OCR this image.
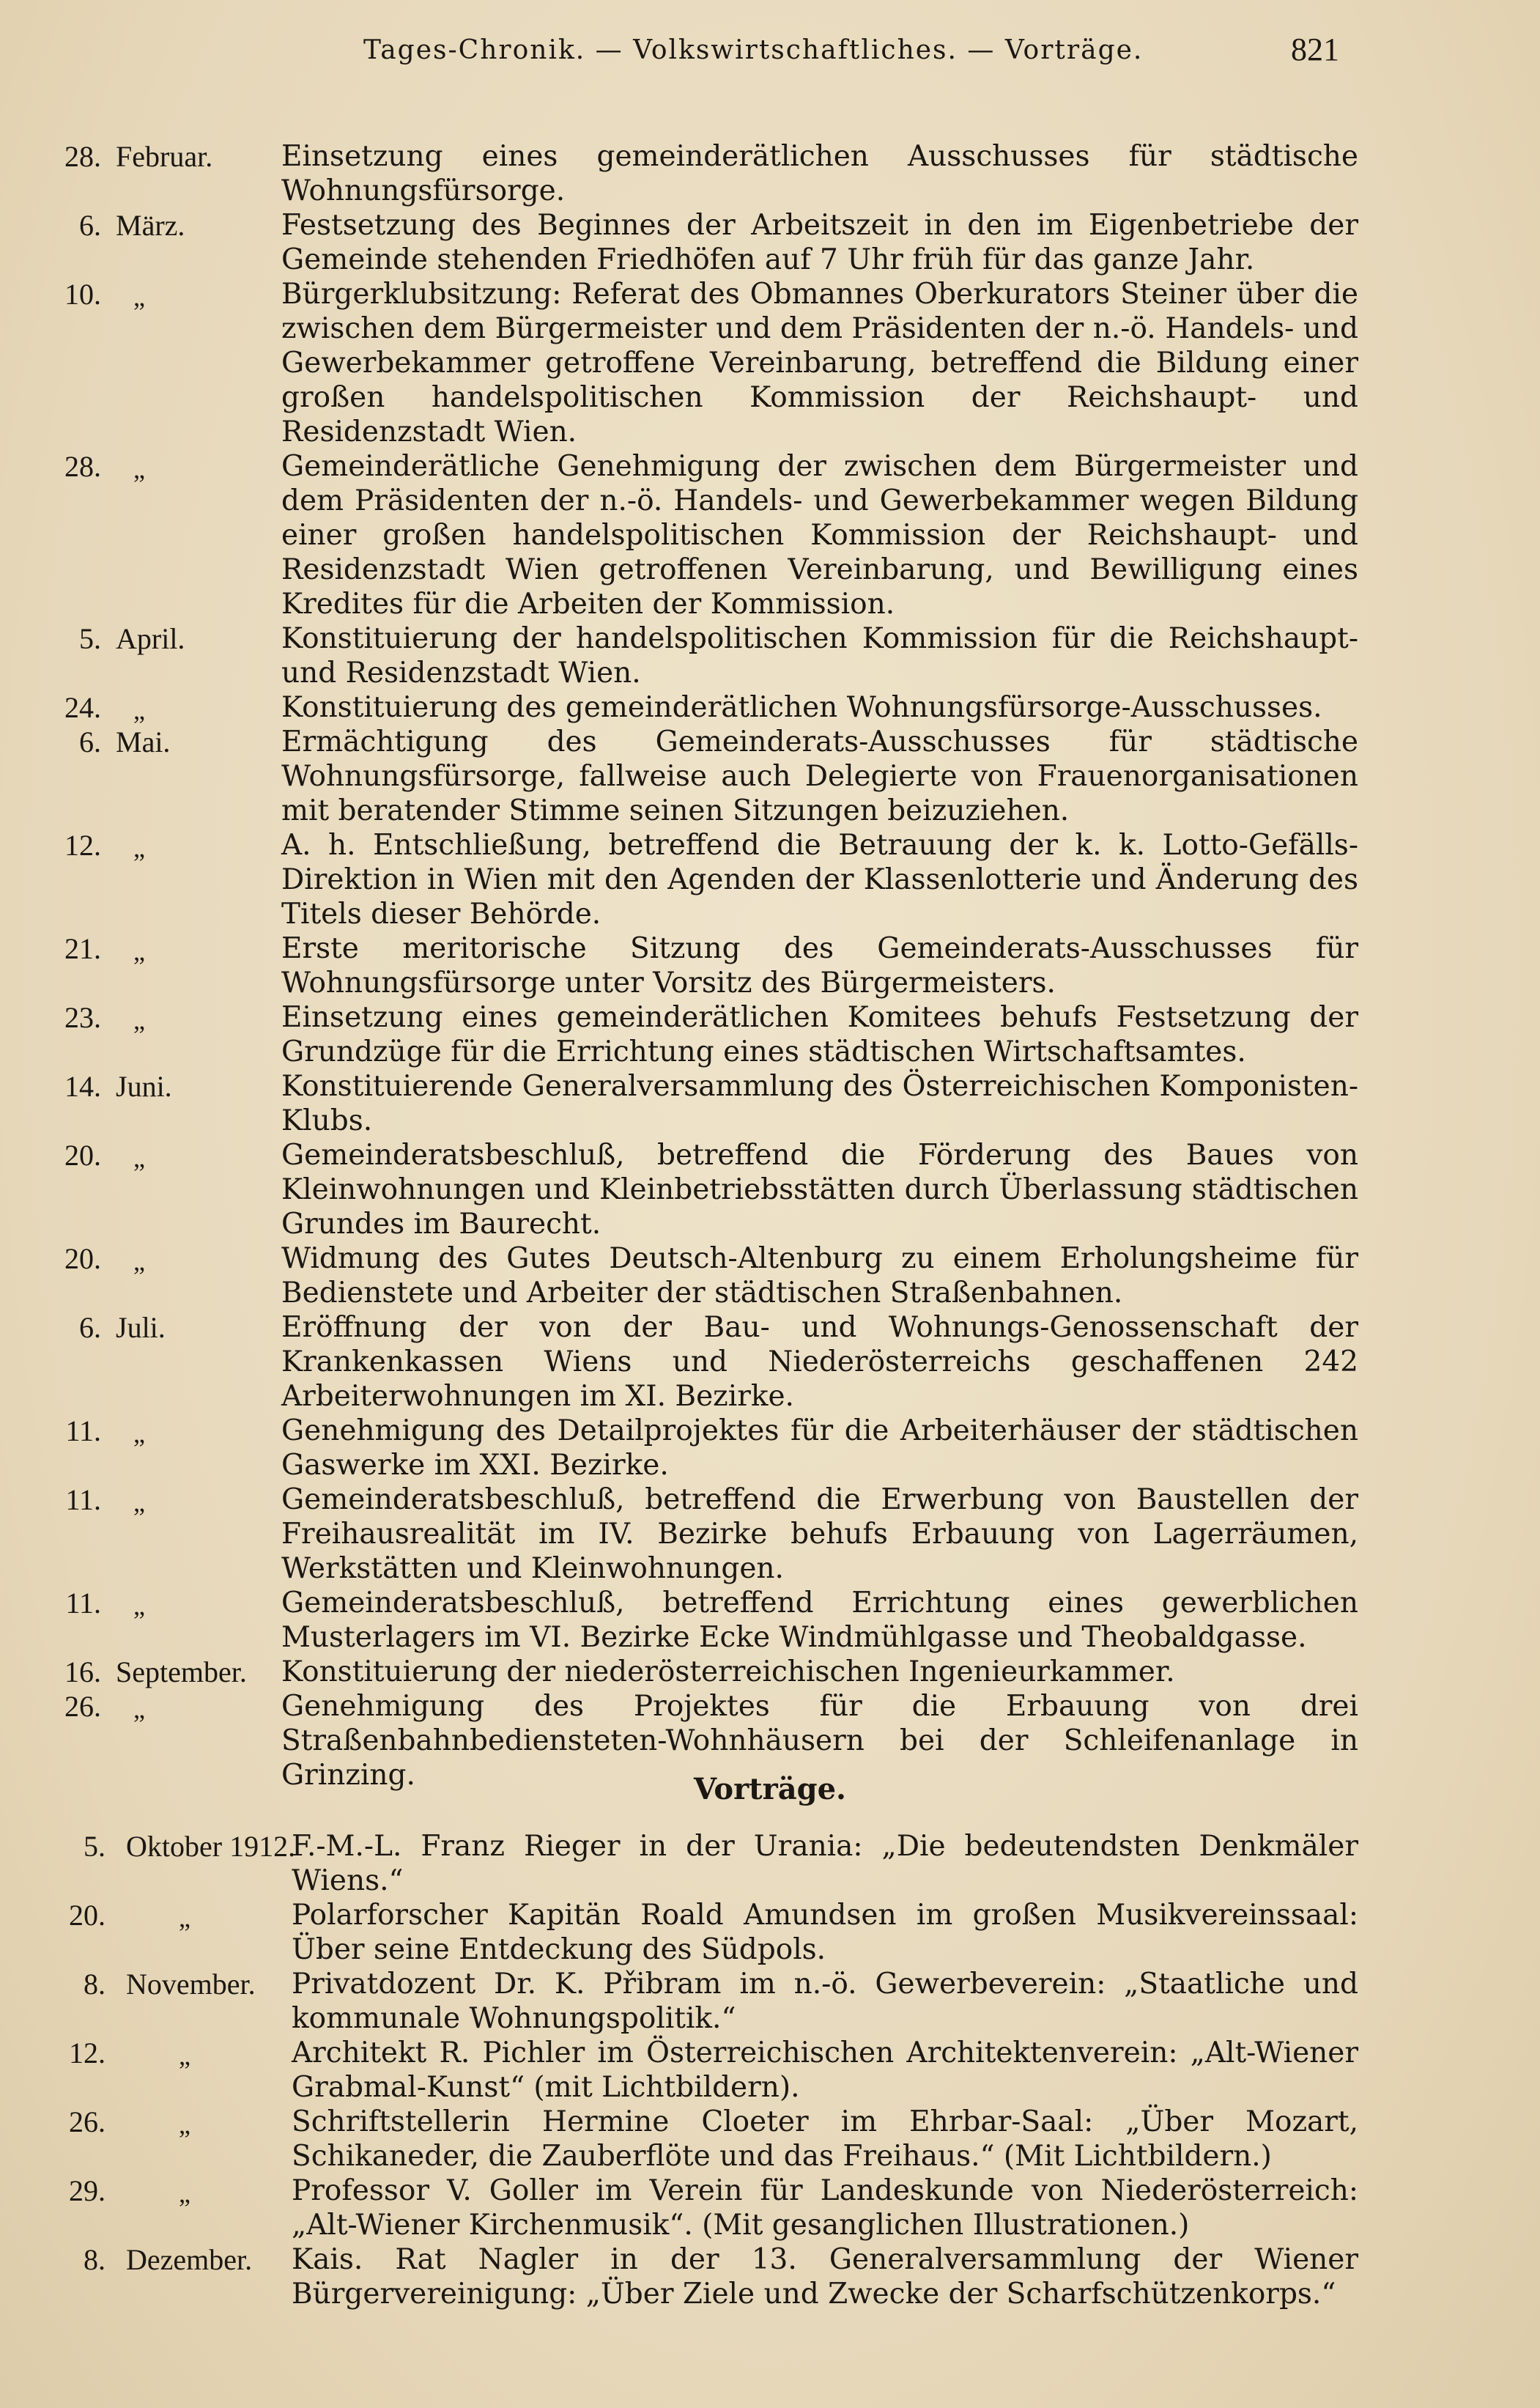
Tages-Chronik. — Volkswirtschaftliches. — Vorträge.	821
28. Februar. Einsetzung eines gemeinderätlichen Ausschusses für städtische Wohnungsfürsorge.
6. März.	Festsetzung des Beginnes der Arbeitszeit in den im Eigenbetriebe der Gemeinde stehenden Friedhöfen auf 7 Uhr früh für das ganze Jahr.
10. „	Bürgerklubsitzung: Referat des Obmannes Oberkurators Steiner über die zwischen dem Bürgermeister und dem Präsidenten der n.-ö. Handels- und Gewerbekammer getroffene Vereinbarung, betreffend die Bildung einer großen handelspolitischen Kommission der Reichshaupt- und Residenzstadt Wien.
28. „	Gemeinderätliche Genehmigung der zwischen dem Bürgermeister und dem Präsidenten der n.-ö. Handels- und Gewerbekammer wegen Bildung einer großen handelspolitischen Kommission der Reichshaupt- und Residenzstadt Wien getroffenen Vereinbarung, und Bewilligung eines Kredites für die Arbeiten der Kommission.
5. April.	Konstituierung der handelspolitischen Kommission für die Reichshaupt- und Residenzstadt Wien.
24. „	Konstituierung des gemeinderätlichen Wohnungsfürsorge-Ausschusses.
6. Mai.	Ermächtigung des Gemeinderats-Ausschusses für städtische Wohnungsfürsorge, fallweise auch Delegierte von Frauenorganisationen mit beratender Stimme seinen Sitzungen beizuziehen.
12. „	A. h. Entschließung, betreffend die Betrauung der k. k. Lotto-Gefälls-Direktion in Wien mit den Agenden der Klassenlotterie und Änderung des Titels dieser Behörde.
21. „	Erste meritorische Sitzung des Gemeinderats-Ausschusses für Wohnungsfürsorge unter Vorsitz des Bürgermeisters.
23. „	Einsetzung eines gemeinderätlichen Komitees behufs Festsetzung der Grundzüge für die Errichtung eines städtischen Wirtschaftsamtes.
14. Juni.	Konstituierende Generalversammlung des Österreichischen Komponisten-Klubs.
20. „	Gemeinderatsbeschluß, betreffend die Förderung des Baues von Kleinwohnungen und Kleinbetriebsstätten durch Überlassung städtischen Grundes im Baurecht.
20. „	Widmung des Gutes Deutsch-Altenburg zu einem Erholungsheime für Bedienstete und Arbeiter der städtischen Straßenbahnen.
6. Juli.	Eröffnung der von der Bau- und Wohnungs-Genossenschaft der Krankenkassen Wiens und Niederösterreichs geschaffenen 242 Arbeiterwohnungen im XI. Bezirke.
11. „	Genehmigung des Detailprojektes für die Arbeiterhäuser der städtischen Gaswerke im XXI. Bezirke.
11. „	Gemeinderatsbeschluß, betreffend die Erwerbung von Baustellen der Freihausrealität im IV. Bezirke behufs Erbauung von Lagerräumen, Werkstätten und Kleinwohnungen.
11. „	Gemeinderatsbeschluß, betreffend Errichtung eines gewerblichen Musterlagers im VI. Bezirke Ecke Windmühlgasse und Theobaldgasse.
16. September. Konstituierung der niederösterreichischen Ingenieurkammer.
26. „	Genehmigung des Projektes für die Erbauung von drei Straßenbahnbediensteten-Wohnhäusern bei der Schleifenanlage in Grinzing.	Vorträge.
5. Oktober 1912.
F.-M.-L. Franz Rieger in der Urania: „Die bedeutendsten Denkmäler Wiens.“
20.	„	Polarforscher Kapitän Roald Amundsen im großen Musikvereinssaal: Über seine Entdeckung des Südpols.
8. November. Privatdozent Dr. K. Přibram im n.-ö. Gewerbeverein: „Staatliche und kommunale Wohnungspolitik.“
12.	„	Architekt R. Pichler im Österreichischen Architektenverein: „Alt-Wiener Grabmal-Kunst“ (mit Lichtbildern).
26.	„	Schriftstellerin Hermine Cloeter im Ehrbar-Saal: „Über Mozart, Schikaneder, die Zauberflöte und das Freihaus.“ (Mit Lichtbildern.)
29.	„	Professor V. Goller im Verein für Landeskunde von Niederösterreich: „Alt-Wiener Kirchenmusik“. (Mit gesanglichen Illustrationen.)
8. Dezember. Kais. Rat Nagler in der 13. Generalversammlung der Wiener Bürgervereinigung: „Über Ziele und Zwecke der Scharfschützenkorps.“
